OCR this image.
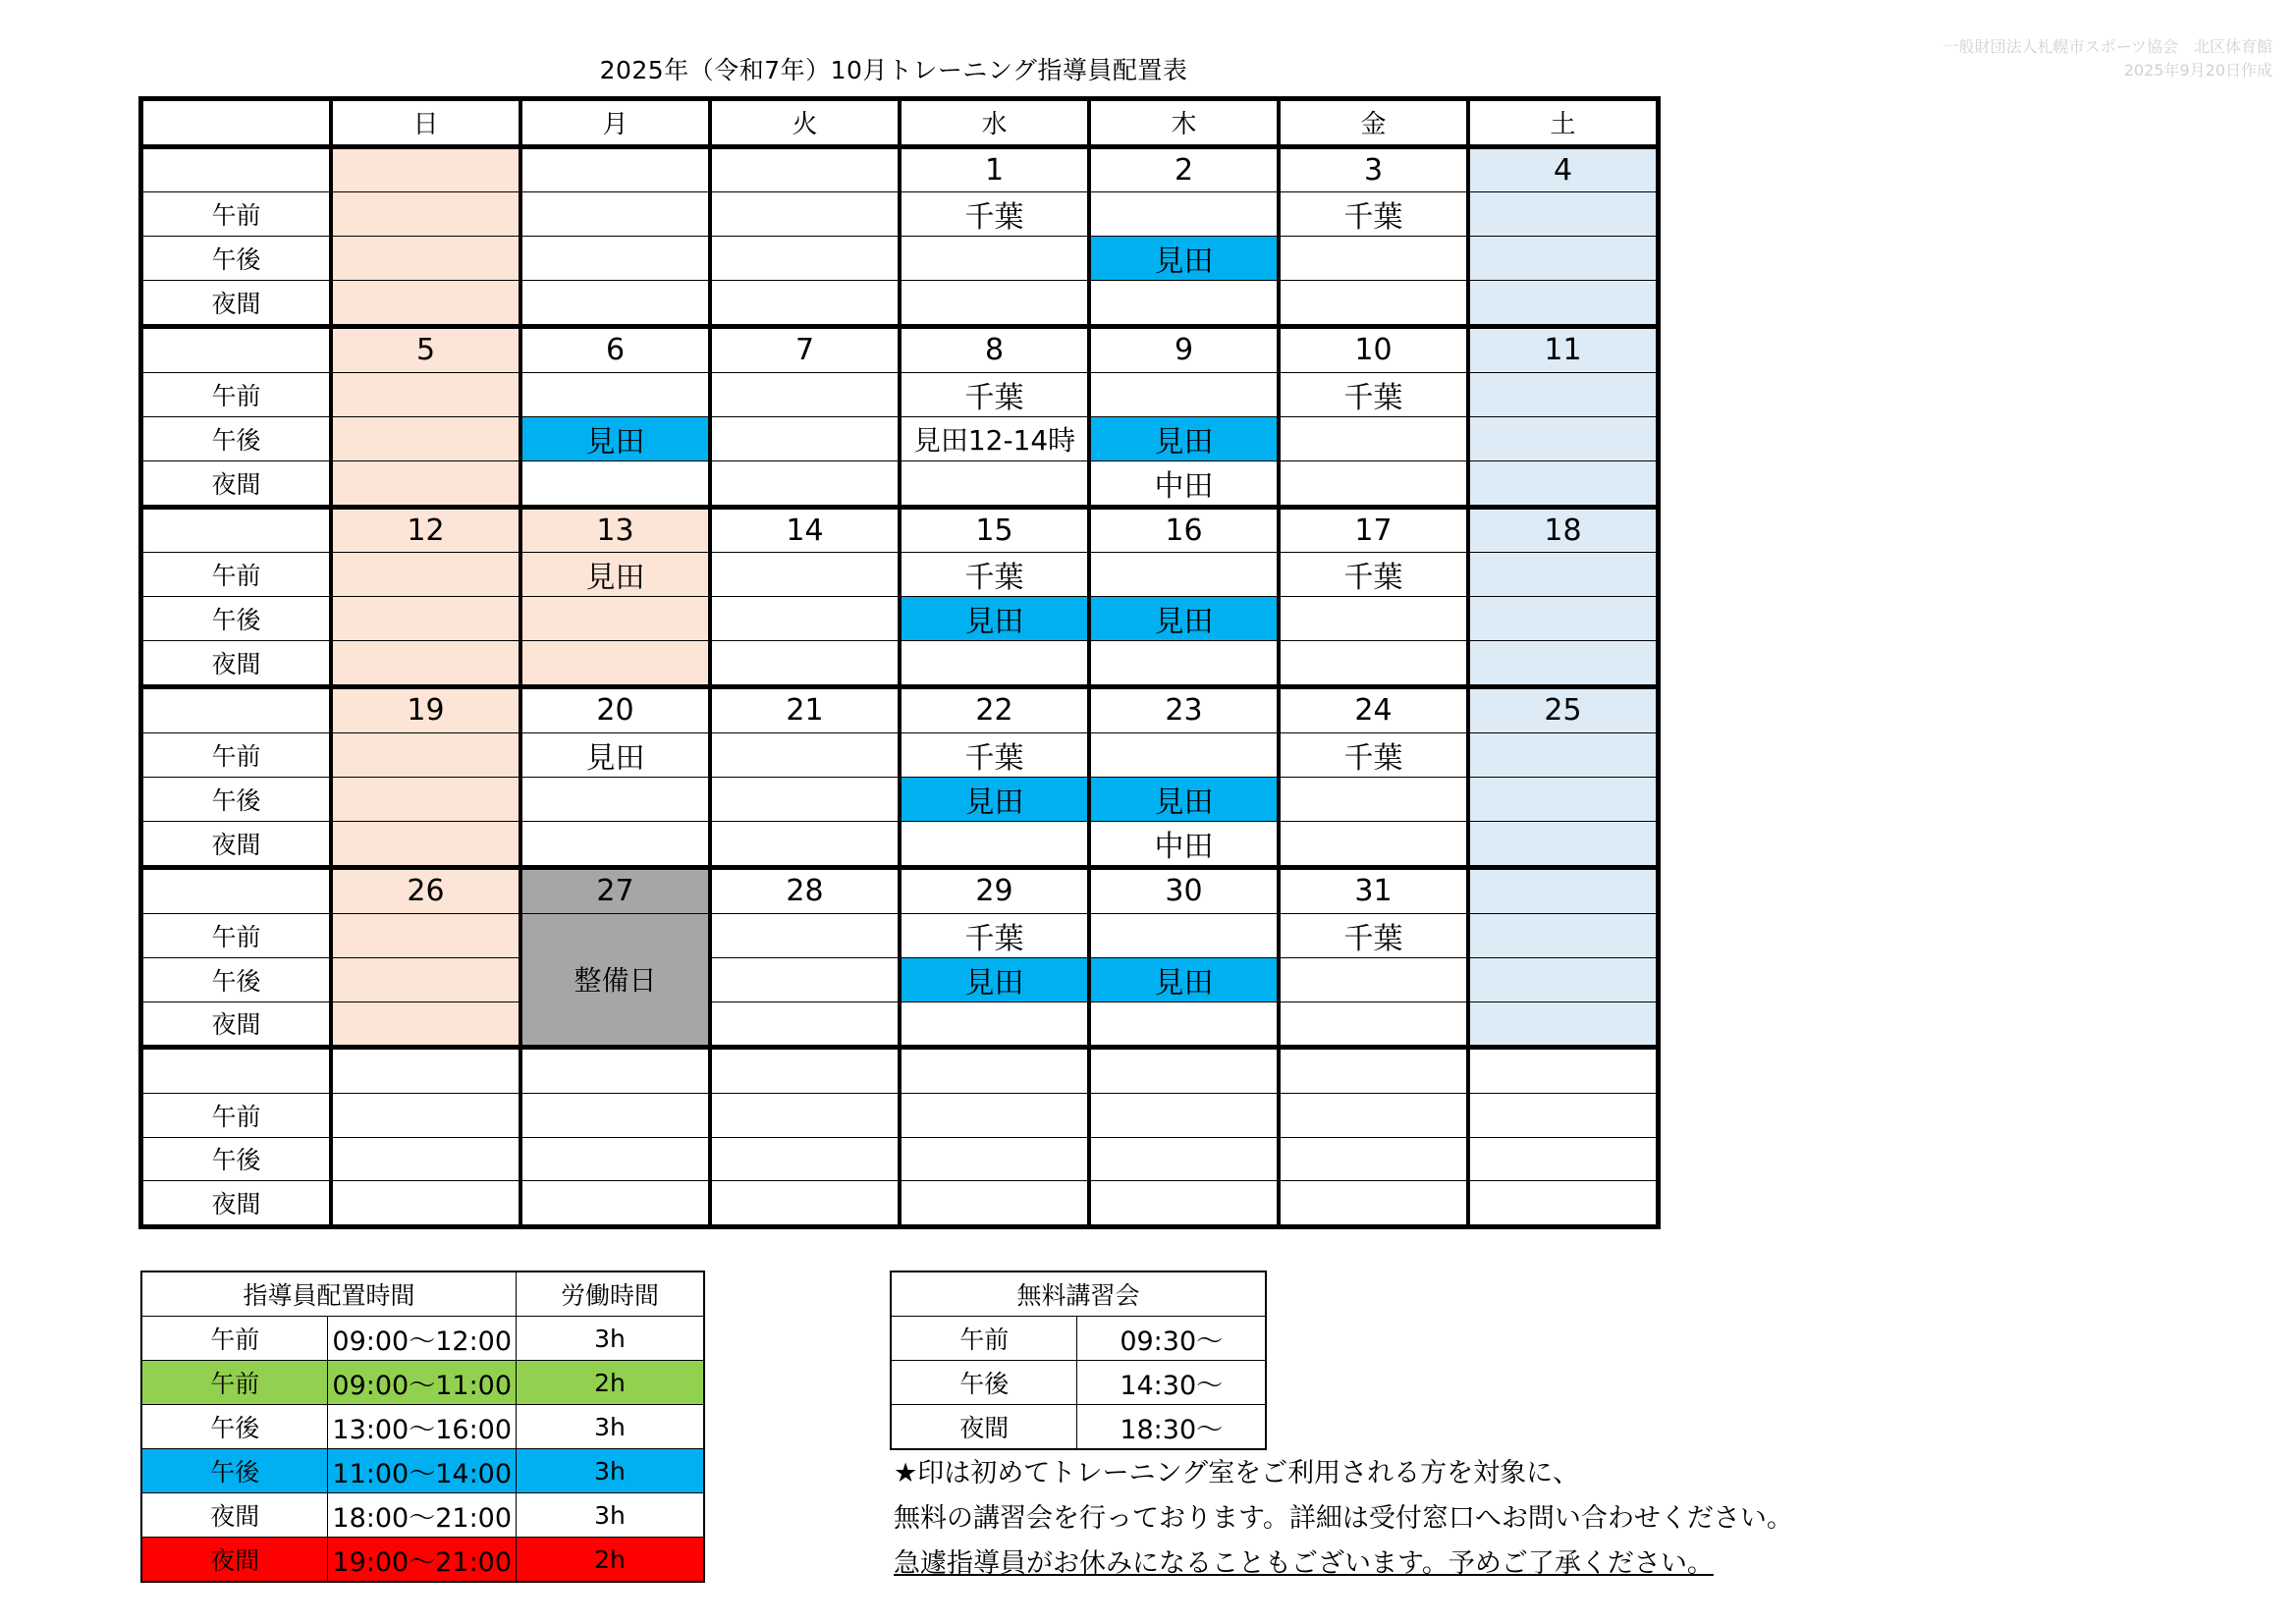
2025年（令和7年）10月トレーニング指導員配置表
一般財団法人札幌市スポーツ協会　北区体育館
2025年9月20日作成
	日	月	火	水	木	金	土
				1	2	3	4
午前				千葉		千葉	
午後					見田		
夜間							
	5	6	7	8	9	10	11
午前				千葉		千葉	
午後		見田		見田12-14時	見田		
夜間					中田		
	12	13	14	15	16	17	18
午前		見田		千葉		千葉	
午後				見田	見田		
夜間							
	19	20	21	22	23	24	25
午前		見田		千葉		千葉	
午後				見田	見田		
夜間					中田		
	26	27	28	29	30	31	
午前		整備日		千葉		千葉	
午後				見田	見田		
夜間							

午前							
午後							
夜間							
指導員配置時間		労働時間
午前	09:00～12:00	3h
午前	09:00～11:00	2h
午後	13:00～16:00	3h
午後	11:00～14:00	3h
夜間	18:00～21:00	3h
夜間	19:00～21:00	2h
無料講習会	
午前	09:30～
午後	14:30～
夜間	18:30～
★印は初めてトレーニング室をご利用される方を対象に、
無料の講習会を行っております。詳細は受付窓口へお問い合わせください。
急遽指導員がお休みになることもございます。予めご了承ください。
